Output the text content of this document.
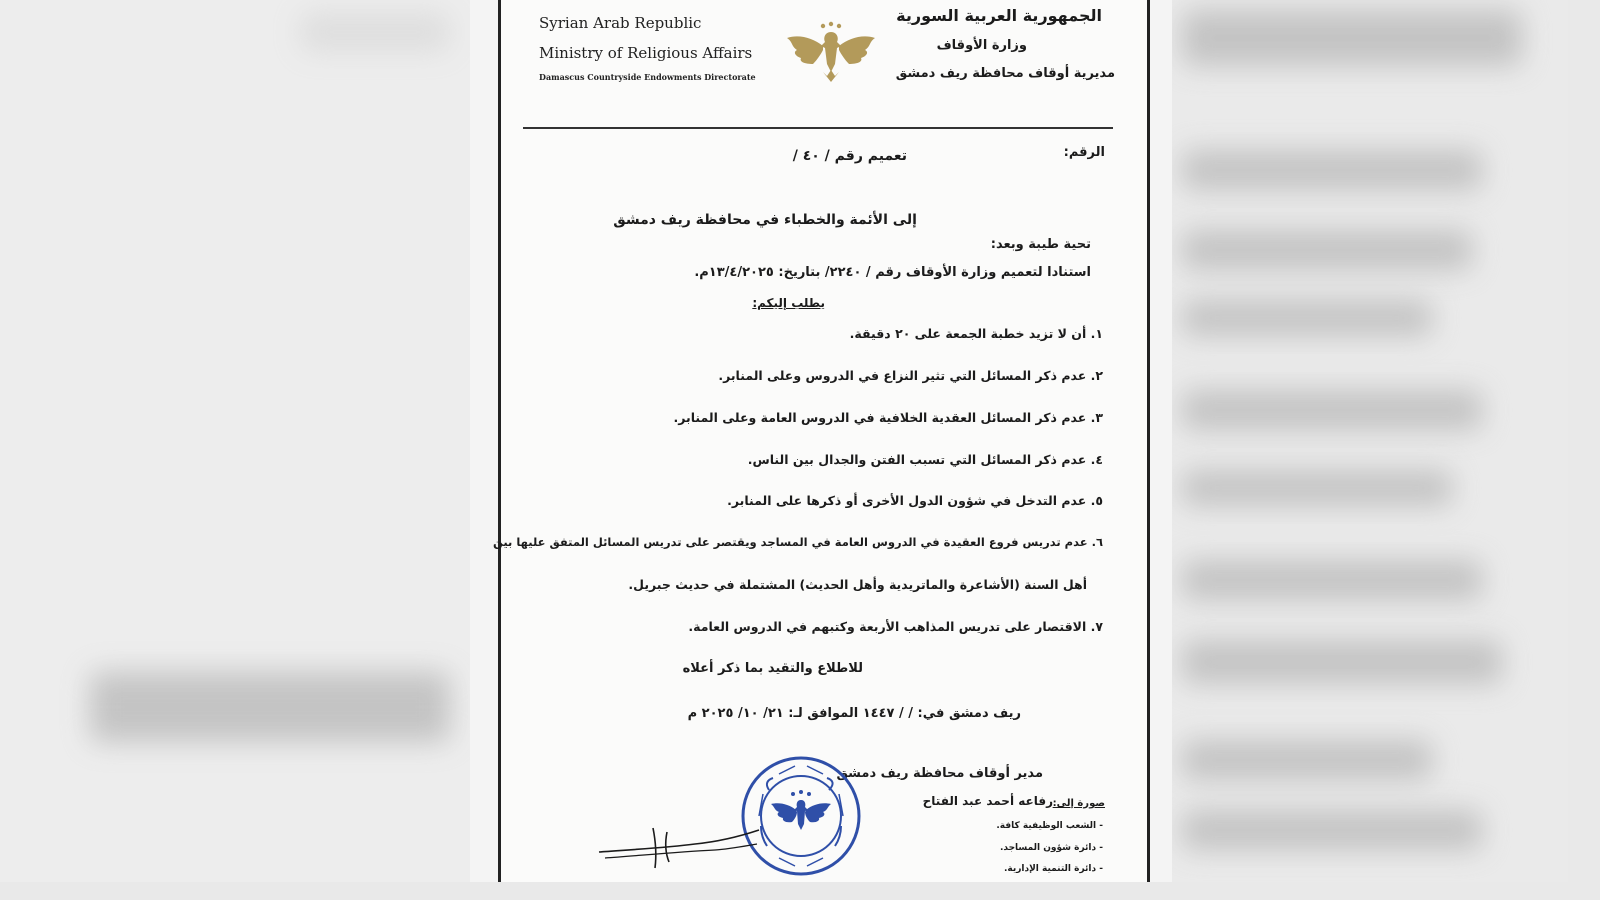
Syrian Arab Republic
Ministry of Religious Affairs
Damascus Countryside Endowments Directorate
الجمهورية العربية السورية
وزارة الأوقاف
مديرية أوقاف محافظة ريف دمشق
الرقم:
تعميم رقم / ٤٠ /
إلى الأئمة والخطباء في محافظة ريف دمشق
تحية طيبة وبعد:
استنادا لتعميم وزارة الأوقاف رقم / ٢٢٤٠/ بتاريخ: ١٣/٤/٢٠٢٥م.
يطلب إليكم:
١. أن لا تزيد خطبة الجمعة على ٢٠ دقيقة.
٢. عدم ذكر المسائل التي تثير النزاع في الدروس وعلى المنابر.
٣. عدم ذكر المسائل العقدية الخلافية في الدروس العامة وعلى المنابر.
٤. عدم ذكر المسائل التي تسبب الفتن والجدال بين الناس.
٥. عدم التدخل في شؤون الدول الأخرى أو ذكرها على المنابر.
٦. عدم تدريس فروع العقيدة في الدروس العامة في المساجد ويقتصر على تدريس المسائل المتفق عليها بين
أهل السنة (الأشاعرة والماتريدية وأهل الحديث) المشتملة في حديث جبريل.
٧. الاقتصار على تدريس المذاهب الأربعة وكتبهم في الدروس العامة.
للاطلاع والتقيد بما ذكر أعلاه
ريف دمشق في: / / ١٤٤٧ الموافق لـ: ٢١/ ١٠/ ٢٠٢٥ م
مدير أوقاف محافظة ريف دمشق
رفاعه أحمد عبد الفتاح صورة إلى:
- الشعب الوظيفية كافة.
- دائرة شؤون المساجد.
- دائرة التنمية الإدارية.
